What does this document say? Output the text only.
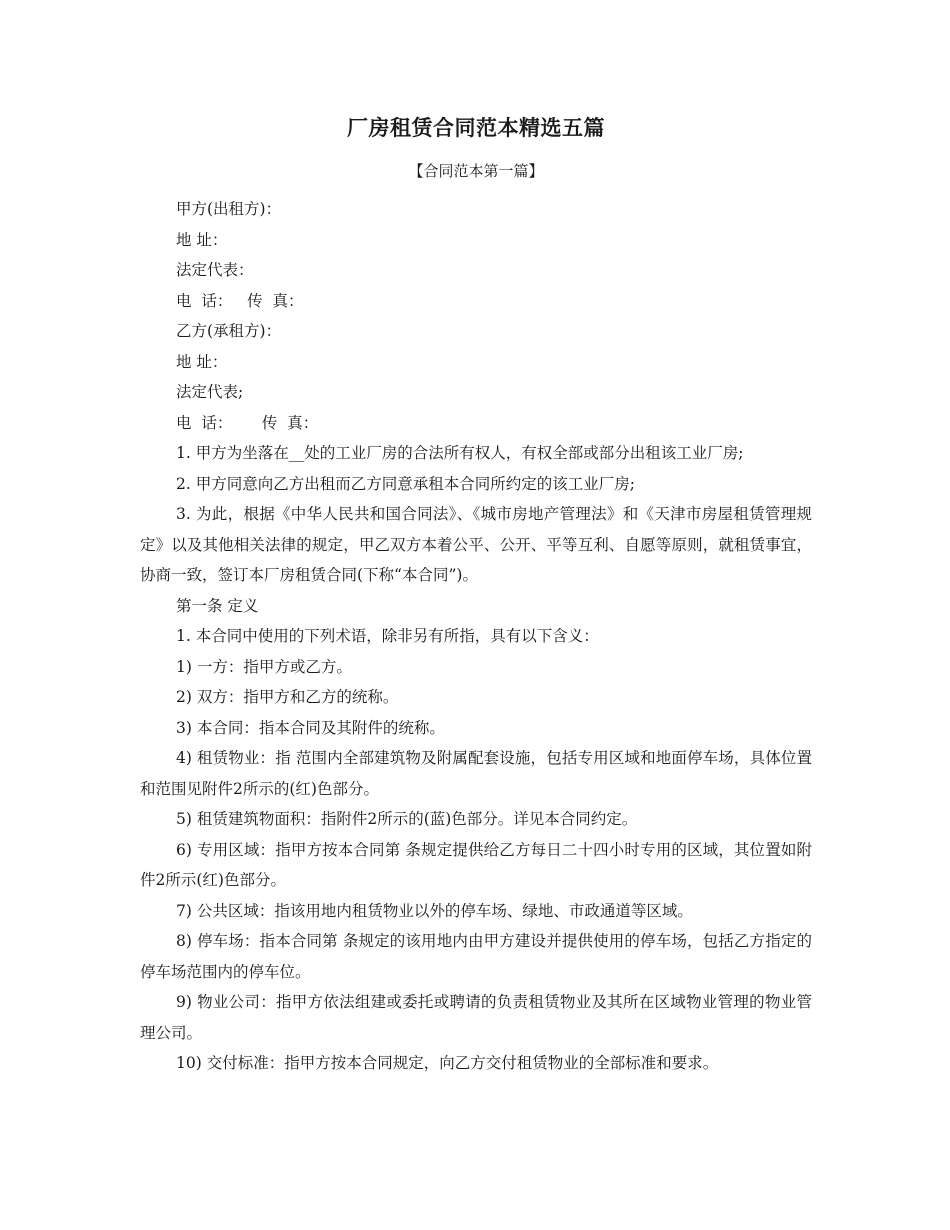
厂房租赁合同范本精选五篇
【合同范本第一篇】

甲方(出租方)：

地 址：

法定代表：

电  话：   传  真：

乙方(承租方)：

地 址：

法定代表;

电  话：      传  真：

1. 甲方为坐落在__处的工业厂房的合法所有权人，有权全部或部分出租该工业厂房;

2. 甲方同意向乙方出租而乙方同意承租本合同所约定的该工业厂房;

3. 为此，根据《中华人民共和国合同法》、《城市房地产管理法》和《天津市房屋租赁管理规定》以及其他相关法律的规定，甲乙双方本着公平、公开、平等互利、自愿等原则，就租赁事宜，协商一致，签订本厂房租赁合同(下称“本合同”)。

第一条 定义

1. 本合同中使用的下列术语，除非另有所指，具有以下含义：

1) 一方：指甲方或乙方。

2) 双方：指甲方和乙方的统称。

3) 本合同：指本合同及其附件的统称。

4) 租赁物业：指 范围内全部建筑物及附属配套设施，包括专用区域和地面停车场，具体位置和范围见附件2所示的(红)色部分。

5) 租赁建筑物面积：指附件2所示的(蓝)色部分。详见本合同约定。

6) 专用区域：指甲方按本合同第 条规定提供给乙方每日二十四小时专用的区域，其位置如附件2所示(红)色部分。

7) 公共区域：指该用地内租赁物业以外的停车场、绿地、市政通道等区域。

8) 停车场：指本合同第 条规定的该用地内由甲方建设并提供使用的停车场，包括乙方指定的停车场范围内的停车位。

9) 物业公司：指甲方依法组建或委托或聘请的负责租赁物业及其所在区域物业管理的物业管理公司。

10) 交付标准：指甲方按本合同规定，向乙方交付租赁物业的全部标准和要求。
